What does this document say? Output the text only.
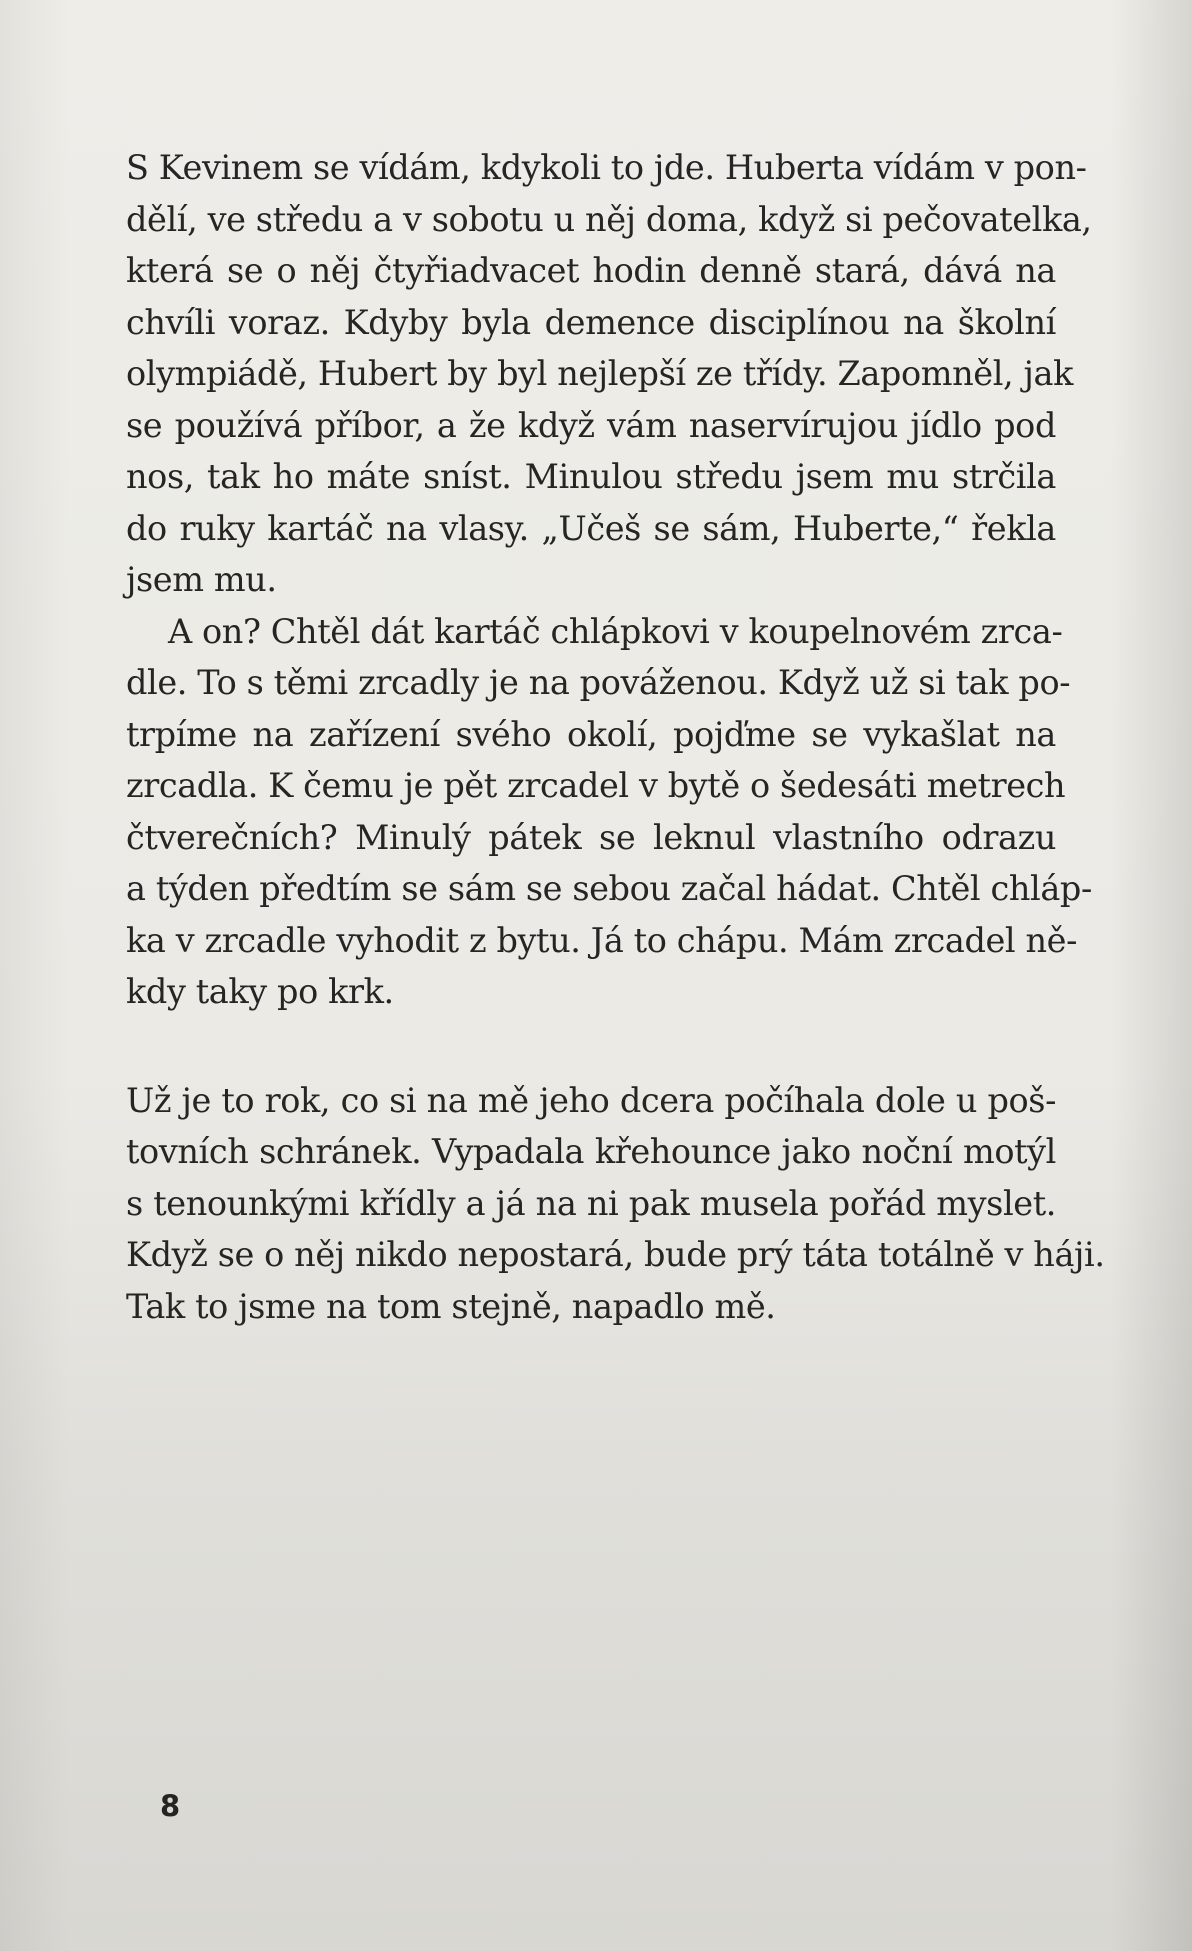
S Kevinem se vídám, kdykoli to jde. Huberta vídám v pon-
dělí, ve středu a v sobotu u něj doma, když si pečovatelka,
která se o něj čtyřiadvacet hodin denně stará, dává na
chvíli voraz. Kdyby byla demence disciplínou na školní
olympiádě, Hubert by byl nejlepší ze třídy. Zapomněl, jak
se používá příbor, a že když vám naservírujou jídlo pod
nos, tak ho máte sníst. Minulou středu jsem mu strčila
do ruky kartáč na vlasy. „Učeš se sám, Huberte,“ řekla
jsem mu.
A on? Chtěl dát kartáč chlápkovi v koupelnovém zrca-
dle. To s těmi zrcadly je na pováženou. Když už si tak po-
trpíme na zařízení svého okolí, pojďme se vykašlat na
zrcadla. K čemu je pět zrcadel v bytě o šedesáti metrech
čtverečních? Minulý pátek se leknul vlastního odrazu
a týden předtím se sám se sebou začal hádat. Chtěl chláp-
ka v zrcadle vyhodit z bytu. Já to chápu. Mám zrcadel ně-
kdy taky po krk.
Už je to rok, co si na mě jeho dcera počíhala dole u poš-
tovních schránek. Vypadala křehounce jako noční motýl
s tenounkými křídly a já na ni pak musela pořád myslet.
Když se o něj nikdo nepostará, bude prý táta totálně v háji.
Tak to jsme na tom stejně, napadlo mě.
8
